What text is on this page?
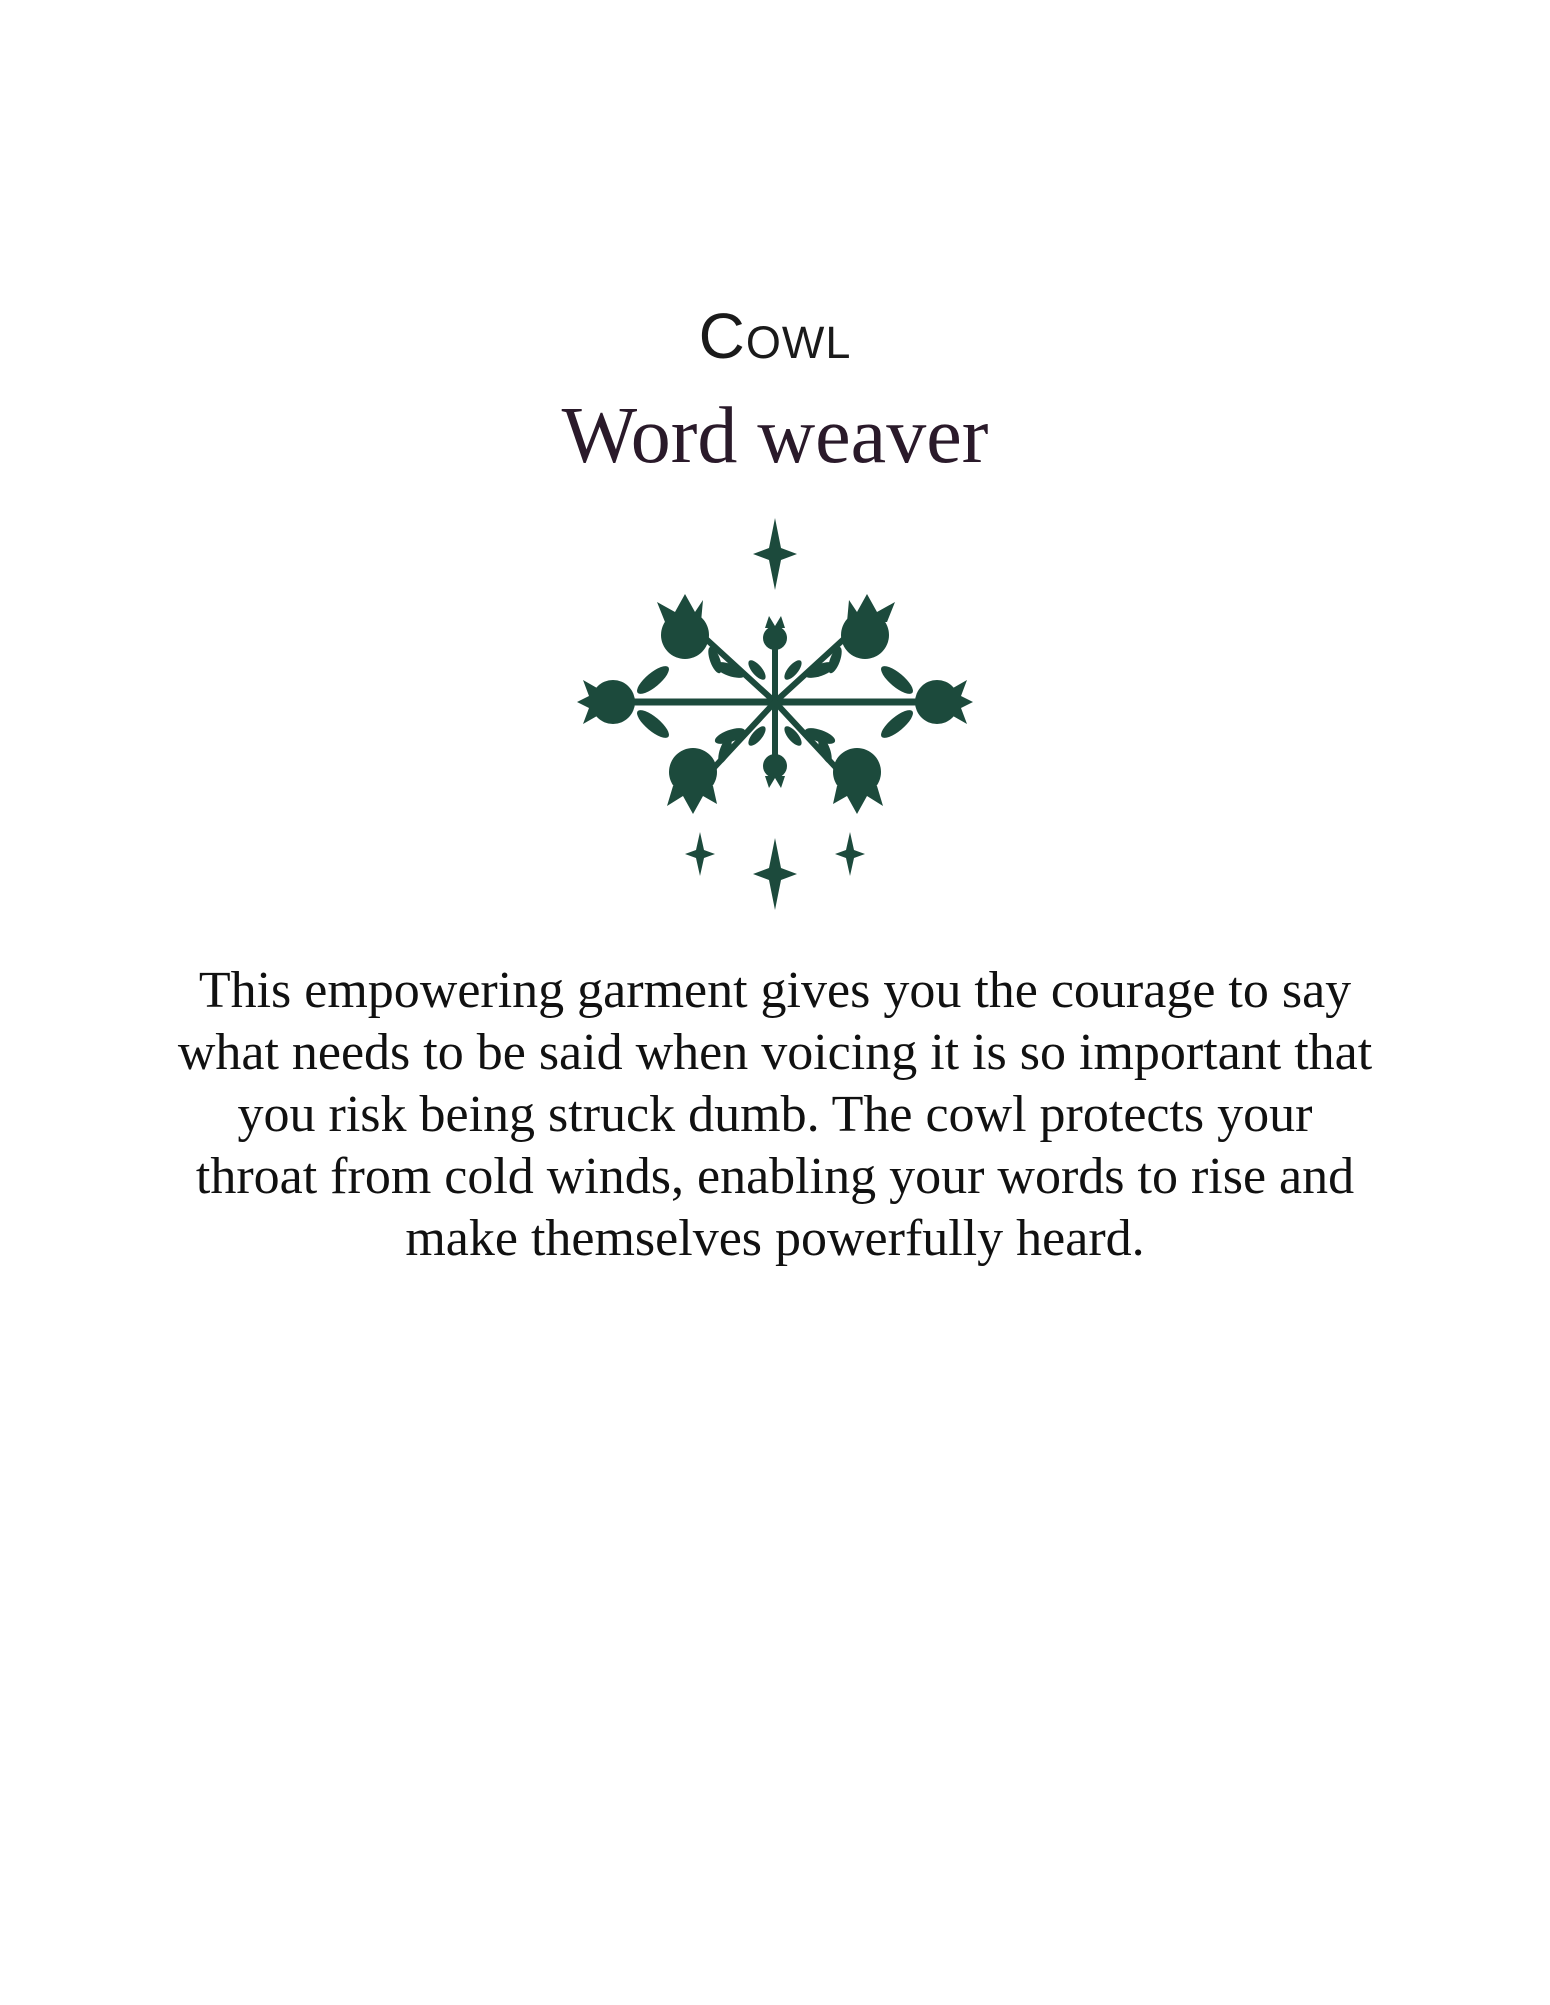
Cowl
Word weaver
This empowering garment gives you the courage to say what needs to be said when voicing it is so important that you risk being struck dumb. The cowl protects your throat from cold winds, enabling your words to rise and make themselves powerfully heard.
